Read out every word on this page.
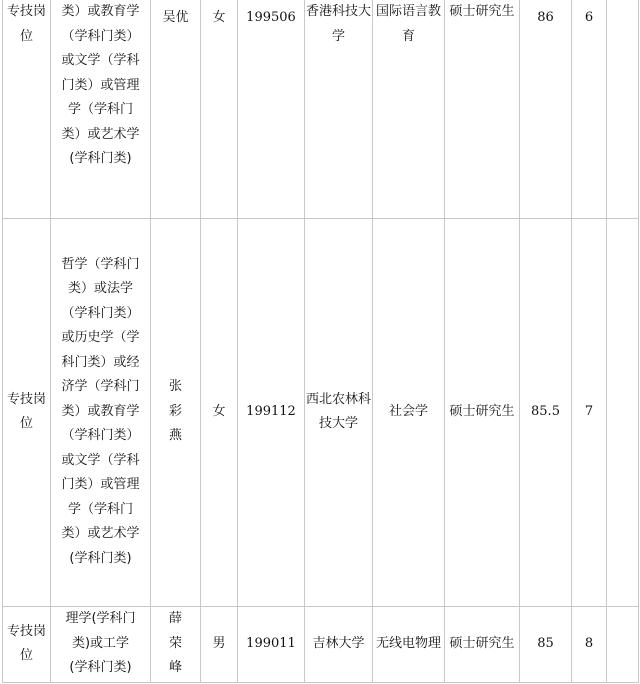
专技岗位	类）或教育学（学科门类）或文学（学科门类）或管理学（学科门类）或艺术学(学科门类)	吴优	女	199506	香港科技大学	国际语言教育	硕士研究生	86	6	

专技岗位	哲学（学科门类）或法学（学科门类）或历史学（学科门类）或经济学（学科门类）或教育学（学科门类）或文学（学科门类）或管理学（学科门类）或艺术学(学科门类)	张彩燕	女	199112	西北农林科技大学	社会学	硕士研究生	85.5	7	

专技岗位	理学(学科门类)或工学(学科门类)	薛荣峰	男	199011	吉林大学	无线电物理	硕士研究生	85	8	
